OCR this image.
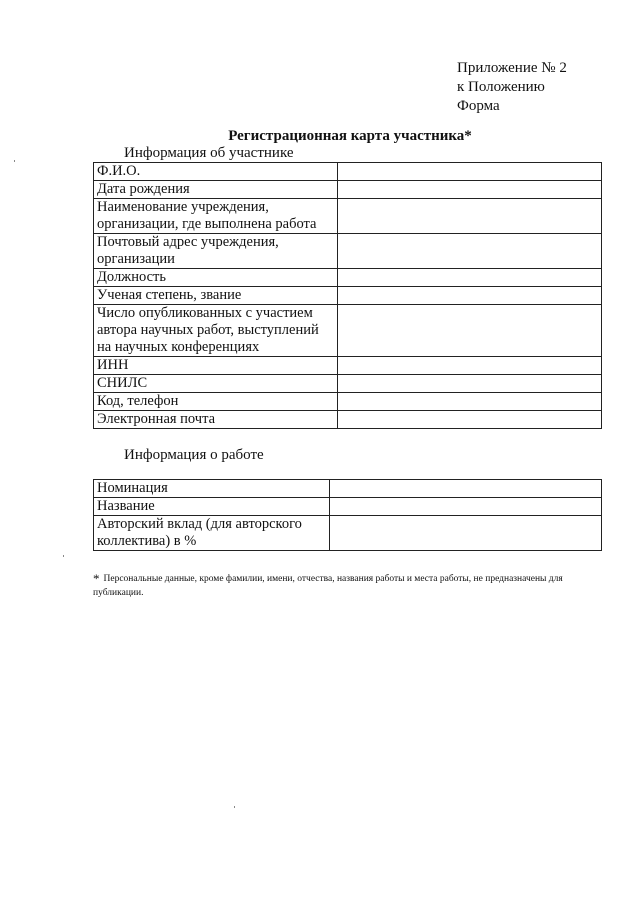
Приложение № 2
к Положению
Форма
Регистрационная карта участника*
Информация об участнике
Ф.И.О.	
Дата рождения	
Наименование учреждения, организации, где выполнена работа	
Почтовый адрес учреждения, организации	
Должность	
Ученая степень, звание	
Число опубликованных с участием автора научных работ, выступлений на научных конференциях	
ИНН	
СНИЛС	
Код, телефон	
Электронная почта	
Информация о работе
Номинация	
Название	
Авторский вклад (для авторского коллектива) в %	
* Персональные данные, кроме фамилии, имени, отчества, названия работы и места работы, не предназначены для публикации.
